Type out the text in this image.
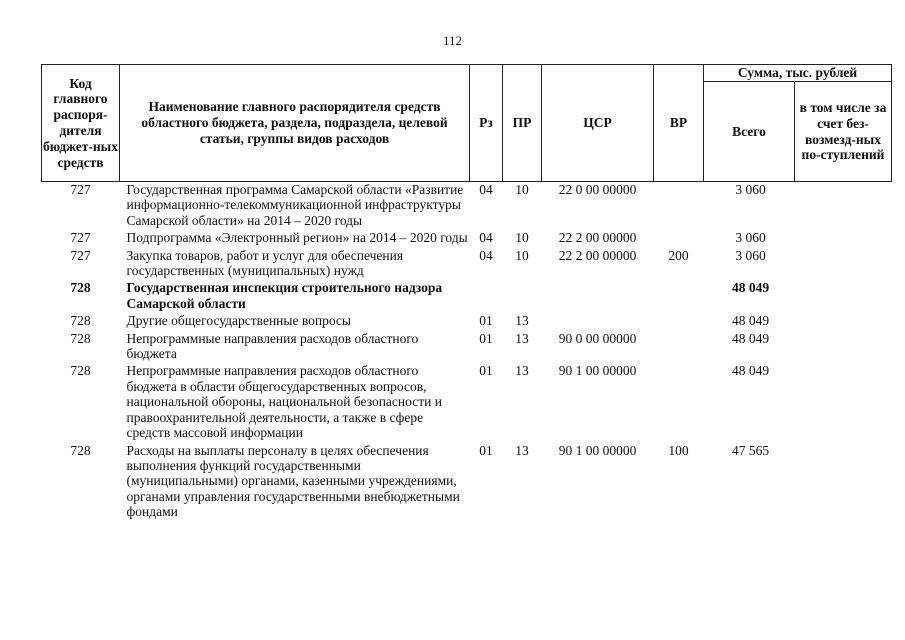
112
Код главного распоря-дителя бюджет-ных средств	Наименование главного распорядителя средств областного бюджета, раздела, подраздела, целевой статьи, группы видов расходов	Рз	ПР	ЦСР	ВР	Сумма, тыс. рублей	
						Всего	в том числе за счет без-возмезд-ных по-ступлений
727	Государственная программа Самарской области «Развитие информационно-телекоммуникационной инфраструктуры Самарской области» на 2014 – 2020 годы	04	10	22 0 00 00000		3 060	
727	Подпрограмма «Электронный регион» на 2014 – 2020 годы	04	10	22 2 00 00000		3 060	
727	Закупка товаров, работ и услуг для обеспечения государственных (муниципальных) нужд	04	10	22 2 00 00000	200	3 060	
728	Государственная инспекция строительного надзора Самарской области					48 049	
728	Другие общегосударственные вопросы	01	13			48 049	
728	Непрограммные направления расходов областного бюджета	01	13	90 0 00 00000		48 049	
728	Непрограммные направления расходов областного бюджета в области общегосударственных вопросов, национальной обороны, национальной безопасности и правоохранительной деятельности, а также в сфере средств массовой информации	01	13	90 1 00 00000		48 049	
728	Расходы на выплаты персоналу в целях обеспечения выполнения функций государственными (муниципальными) органами, казенными учреждениями, органами управления государственными внебюджетными фондами	01	13	90 1 00 00000	100	47 565	
